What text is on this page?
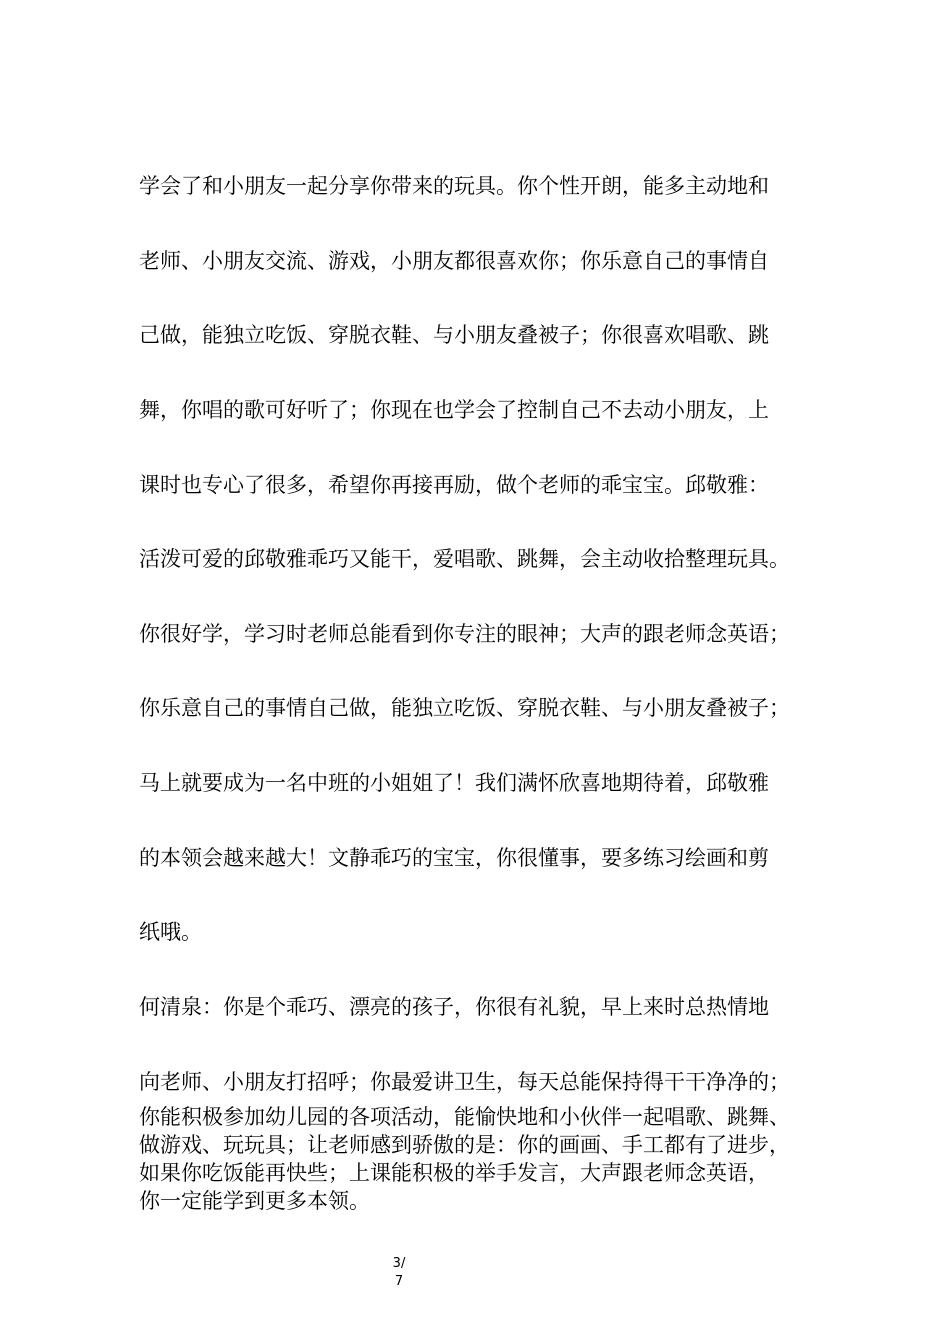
学会了和小朋友一起分享你带来的玩具。你个性开朗，能多主动地和
老师、小朋友交流、游戏，小朋友都很喜欢你；你乐意自己的事情自
己做，能独立吃饭、穿脱衣鞋、与小朋友叠被子；你很喜欢唱歌、跳
舞，你唱的歌可好听了；你现在也学会了控制自己不去动小朋友，上
课时也专心了很多，希望你再接再励，做个老师的乖宝宝。邱敬雅：
活泼可爱的邱敬雅乖巧又能干，爱唱歌、跳舞，会主动收拾整理玩具。
你很好学，学习时老师总能看到你专注的眼神；大声的跟老师念英语；
你乐意自己的事情自己做，能独立吃饭、穿脱衣鞋、与小朋友叠被子；
马上就要成为一名中班的小姐姐了！我们满怀欣喜地期待着，邱敬雅
的本领会越来越大！文静乖巧的宝宝，你很懂事，要多练习绘画和剪
纸哦。
何清泉：你是个乖巧、漂亮的孩子，你很有礼貌，早上来时总热情地
向老师、小朋友打招呼；你最爱讲卫生，每天总能保持得干干净净的；
你能积极参加幼儿园的各项活动，能愉快地和小伙伴一起唱歌、跳舞、
做游戏、玩玩具；让老师感到骄傲的是：你的画画、手工都有了进步，
如果你吃饭能再快些；上课能积极的举手发言，大声跟老师念英语，
你一定能学到更多本领。
3/
7
